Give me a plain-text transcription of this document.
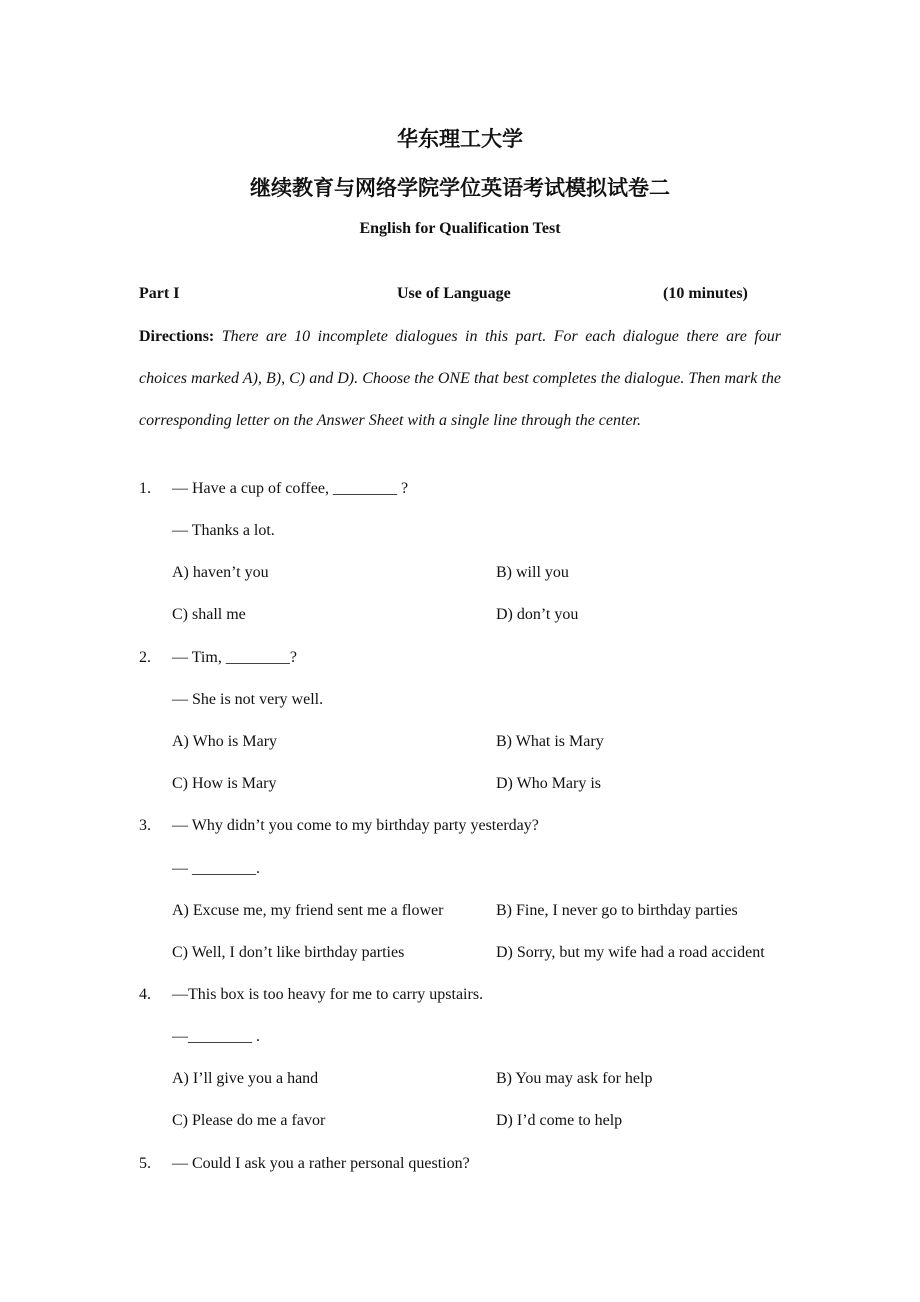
华东理工大学
继续教育与网络学院学位英语考试模拟试卷二
English for Qualification Test
Part I	Use of Language	(10 minutes)
Directions: There are 10 incomplete dialogues in this part. For each dialogue there are four choices marked A), B), C) and D). Choose the ONE that best completes the dialogue. Then mark the corresponding letter on the Answer Sheet with a single line through the center.
1. — Have a cup of coffee, ________ ?
— Thanks a lot.
A) haven’t you	B) will you
C) shall me	D) don’t you
2. — Tim, ________?
— She is not very well.
A) Who is Mary	B) What is Mary
C) How is Mary	D) Who Mary is
3. — Why didn’t you come to my birthday party yesterday?
— ________.
A) Excuse me, my friend sent me a flower	B) Fine, I never go to birthday parties
C) Well, I don’t like birthday parties	D) Sorry, but my wife had a road accident
4. —This box is too heavy for me to carry upstairs.
—________ .
A) I’ll give you a hand	B) You may ask for help
C) Please do me a favor	D) I’d come to help
5. — Could I ask you a rather personal question?
